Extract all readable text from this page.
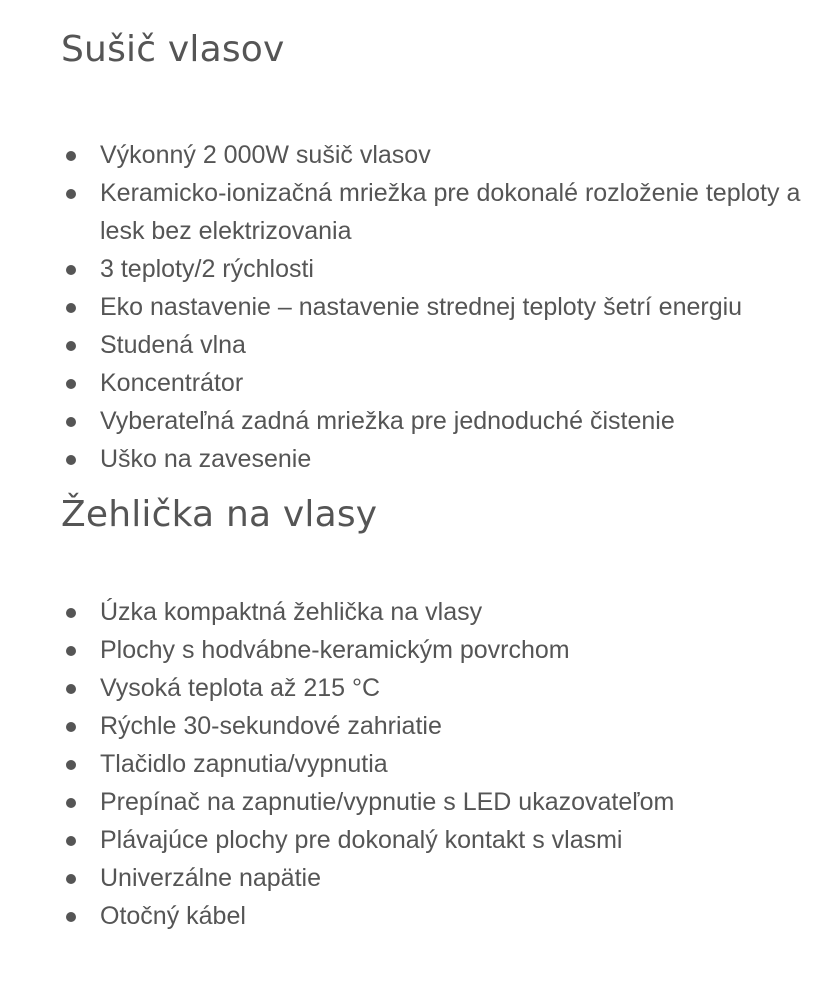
Sušič vlasov
Výkonný 2 000W sušič vlasov
Keramicko-ionizačná mriežka pre dokonalé rozloženie teploty a lesk bez elektrizovania
3 teploty/2 rýchlosti
Eko nastavenie – nastavenie strednej teploty šetrí energiu
Studená vlna
Koncentrátor
Vyberateľná zadná mriežka pre jednoduché čistenie
Uško na zavesenie
Žehlička na vlasy
Úzka kompaktná žehlička na vlasy
Plochy s hodvábne-keramickým povrchom
Vysoká teplota až 215 °C
Rýchle 30-sekundové zahriatie
Tlačidlo zapnutia/vypnutia
Prepínač na zapnutie/vypnutie s LED ukazovateľom
Plávajúce plochy pre dokonalý kontakt s vlasmi
Univerzálne napätie
Otočný kábel
